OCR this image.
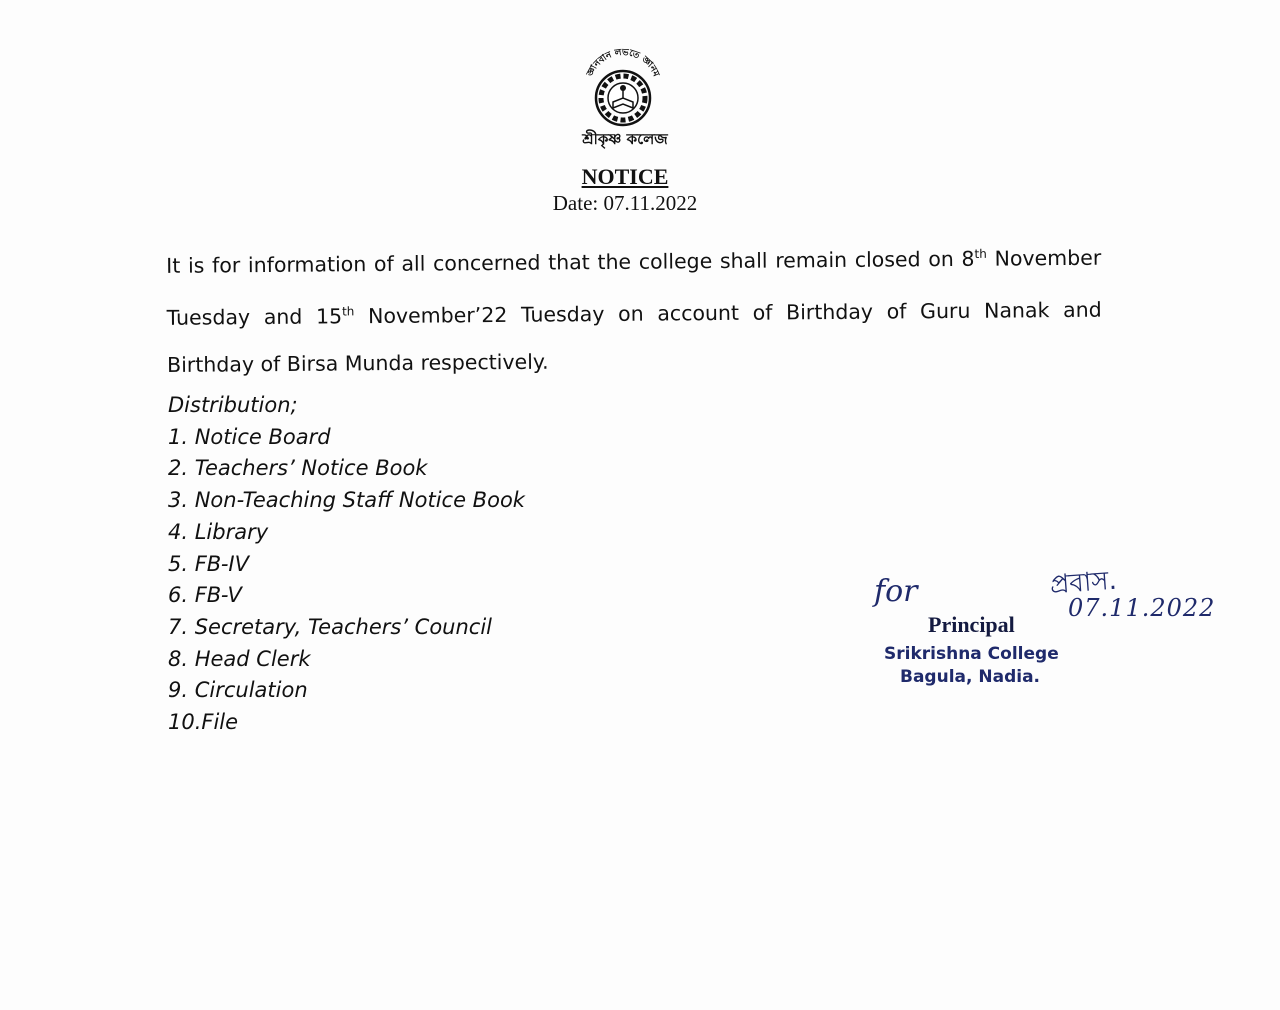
জ্ঞানবান লভতে জ্ঞানম
শ্রীকৃষ্ণ কলেজ
NOTICE
Date: 07.11.2022
It is for information of all concerned that the college shall remain closed on 8th November Tuesday and 15th November’22 Tuesday on account of Birthday of Guru Nanak and Birthday of Birsa Munda respectively.
Distribution;
1. Notice Board
2. Teachers’ Notice Book
3. Non-Teaching Staff Notice Book
4. Library
5. FB-IV
6. FB-V
7. Secretary, Teachers’ Council
8. Head Clerk
9. Circulation
10.File
for	প্রবাস.
07.11.2022
Principal
Srikrishna College
Bagula, Nadia.
